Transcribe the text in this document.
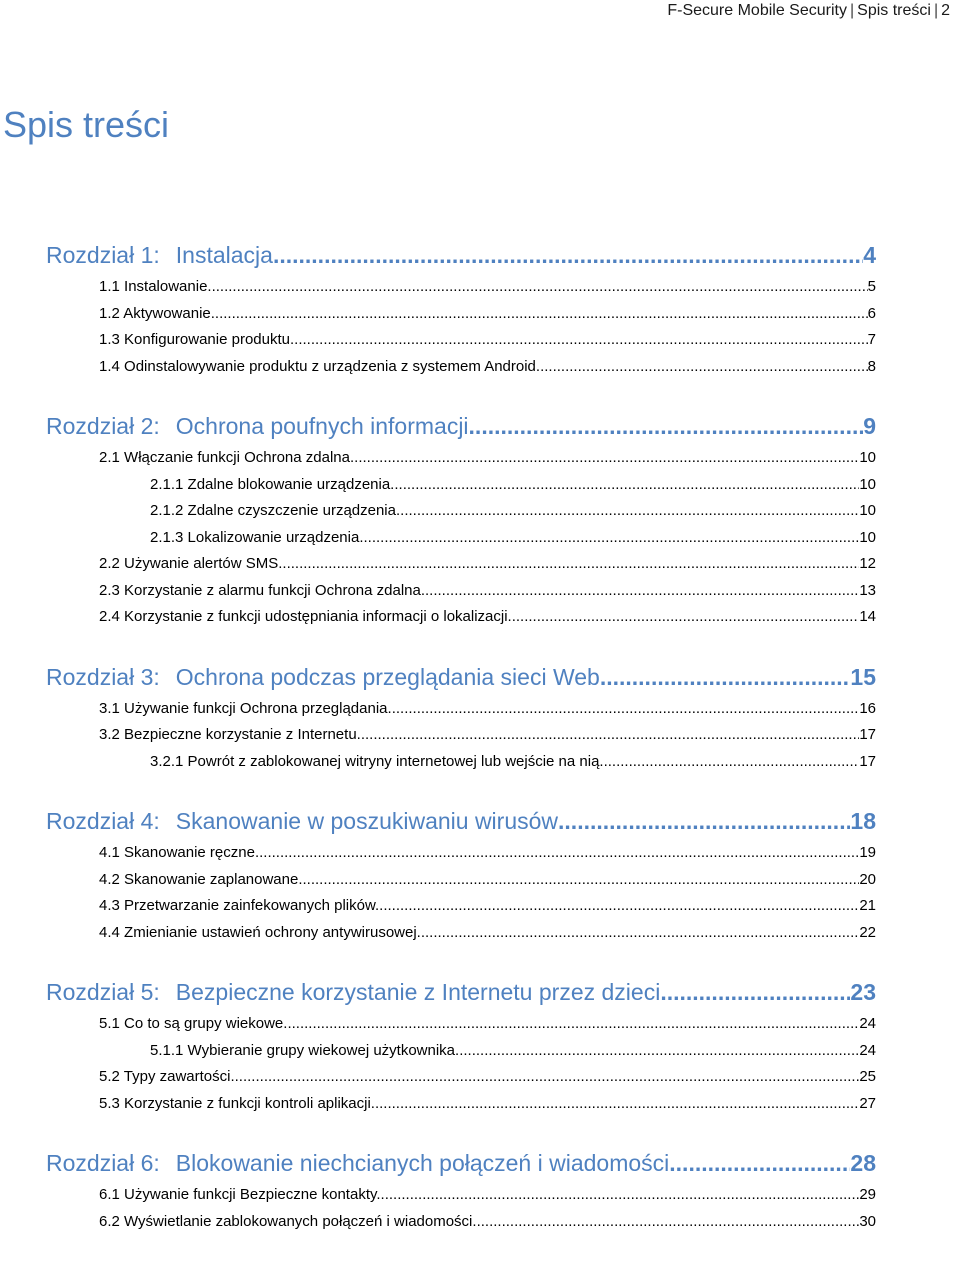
F-Secure Mobile Security | Spis treści | 2
Spis treści
Rozdział 1: Instalacja .....	4
1.1 Instalowanie. .....	5
1.2 Aktywowanie. .....	6
1.3 Konfigurowanie produktu. .....	7
1.4 Odinstalowywanie produktu z urządzenia z systemem Android. .....	8
Rozdział 2: Ochrona poufnych informacji .....	9
2.1 Włączanie funkcji Ochrona zdalna. .....	10
2.1.1 Zdalne blokowanie urządzenia. .....	10
2.1.2 Zdalne czyszczenie urządzenia. .....	10
2.1.3 Lokalizowanie urządzenia. .....	10
2.2 Używanie alertów SMS. .....	12
2.3 Korzystanie z alarmu funkcji Ochrona zdalna. .....	13
2.4 Korzystanie z funkcji udostępniania informacji o lokalizacji. .....	14
Rozdział 3: Ochrona podczas przeglądania sieci Web .....	15
3.1 Używanie funkcji Ochrona przeglądania. .....	16
3.2 Bezpieczne korzystanie z Internetu. .....	17
3.2.1 Powrót z zablokowanej witryny internetowej lub wejście na nią. .....	17
Rozdział 4: Skanowanie w poszukiwaniu wirusów .....	18
4.1 Skanowanie ręczne. .....	19
4.2 Skanowanie zaplanowane. .....	20
4.3 Przetwarzanie zainfekowanych plików. .....	21
4.4 Zmienianie ustawień ochrony antywirusowej. .....	22
Rozdział 5: Bezpieczne korzystanie z Internetu przez dzieci .....	23
5.1 Co to są grupy wiekowe. .....	24
5.1.1 Wybieranie grupy wiekowej użytkownika. .....	24
5.2 Typy zawartości. .....	25
5.3 Korzystanie z funkcji kontroli aplikacji. .....	27
Rozdział 6: Blokowanie niechcianych połączeń i wiadomości .....	28
6.1 Używanie funkcji Bezpieczne kontakty. .....	29
6.2 Wyświetlanie zablokowanych połączeń i wiadomości. .....	30
